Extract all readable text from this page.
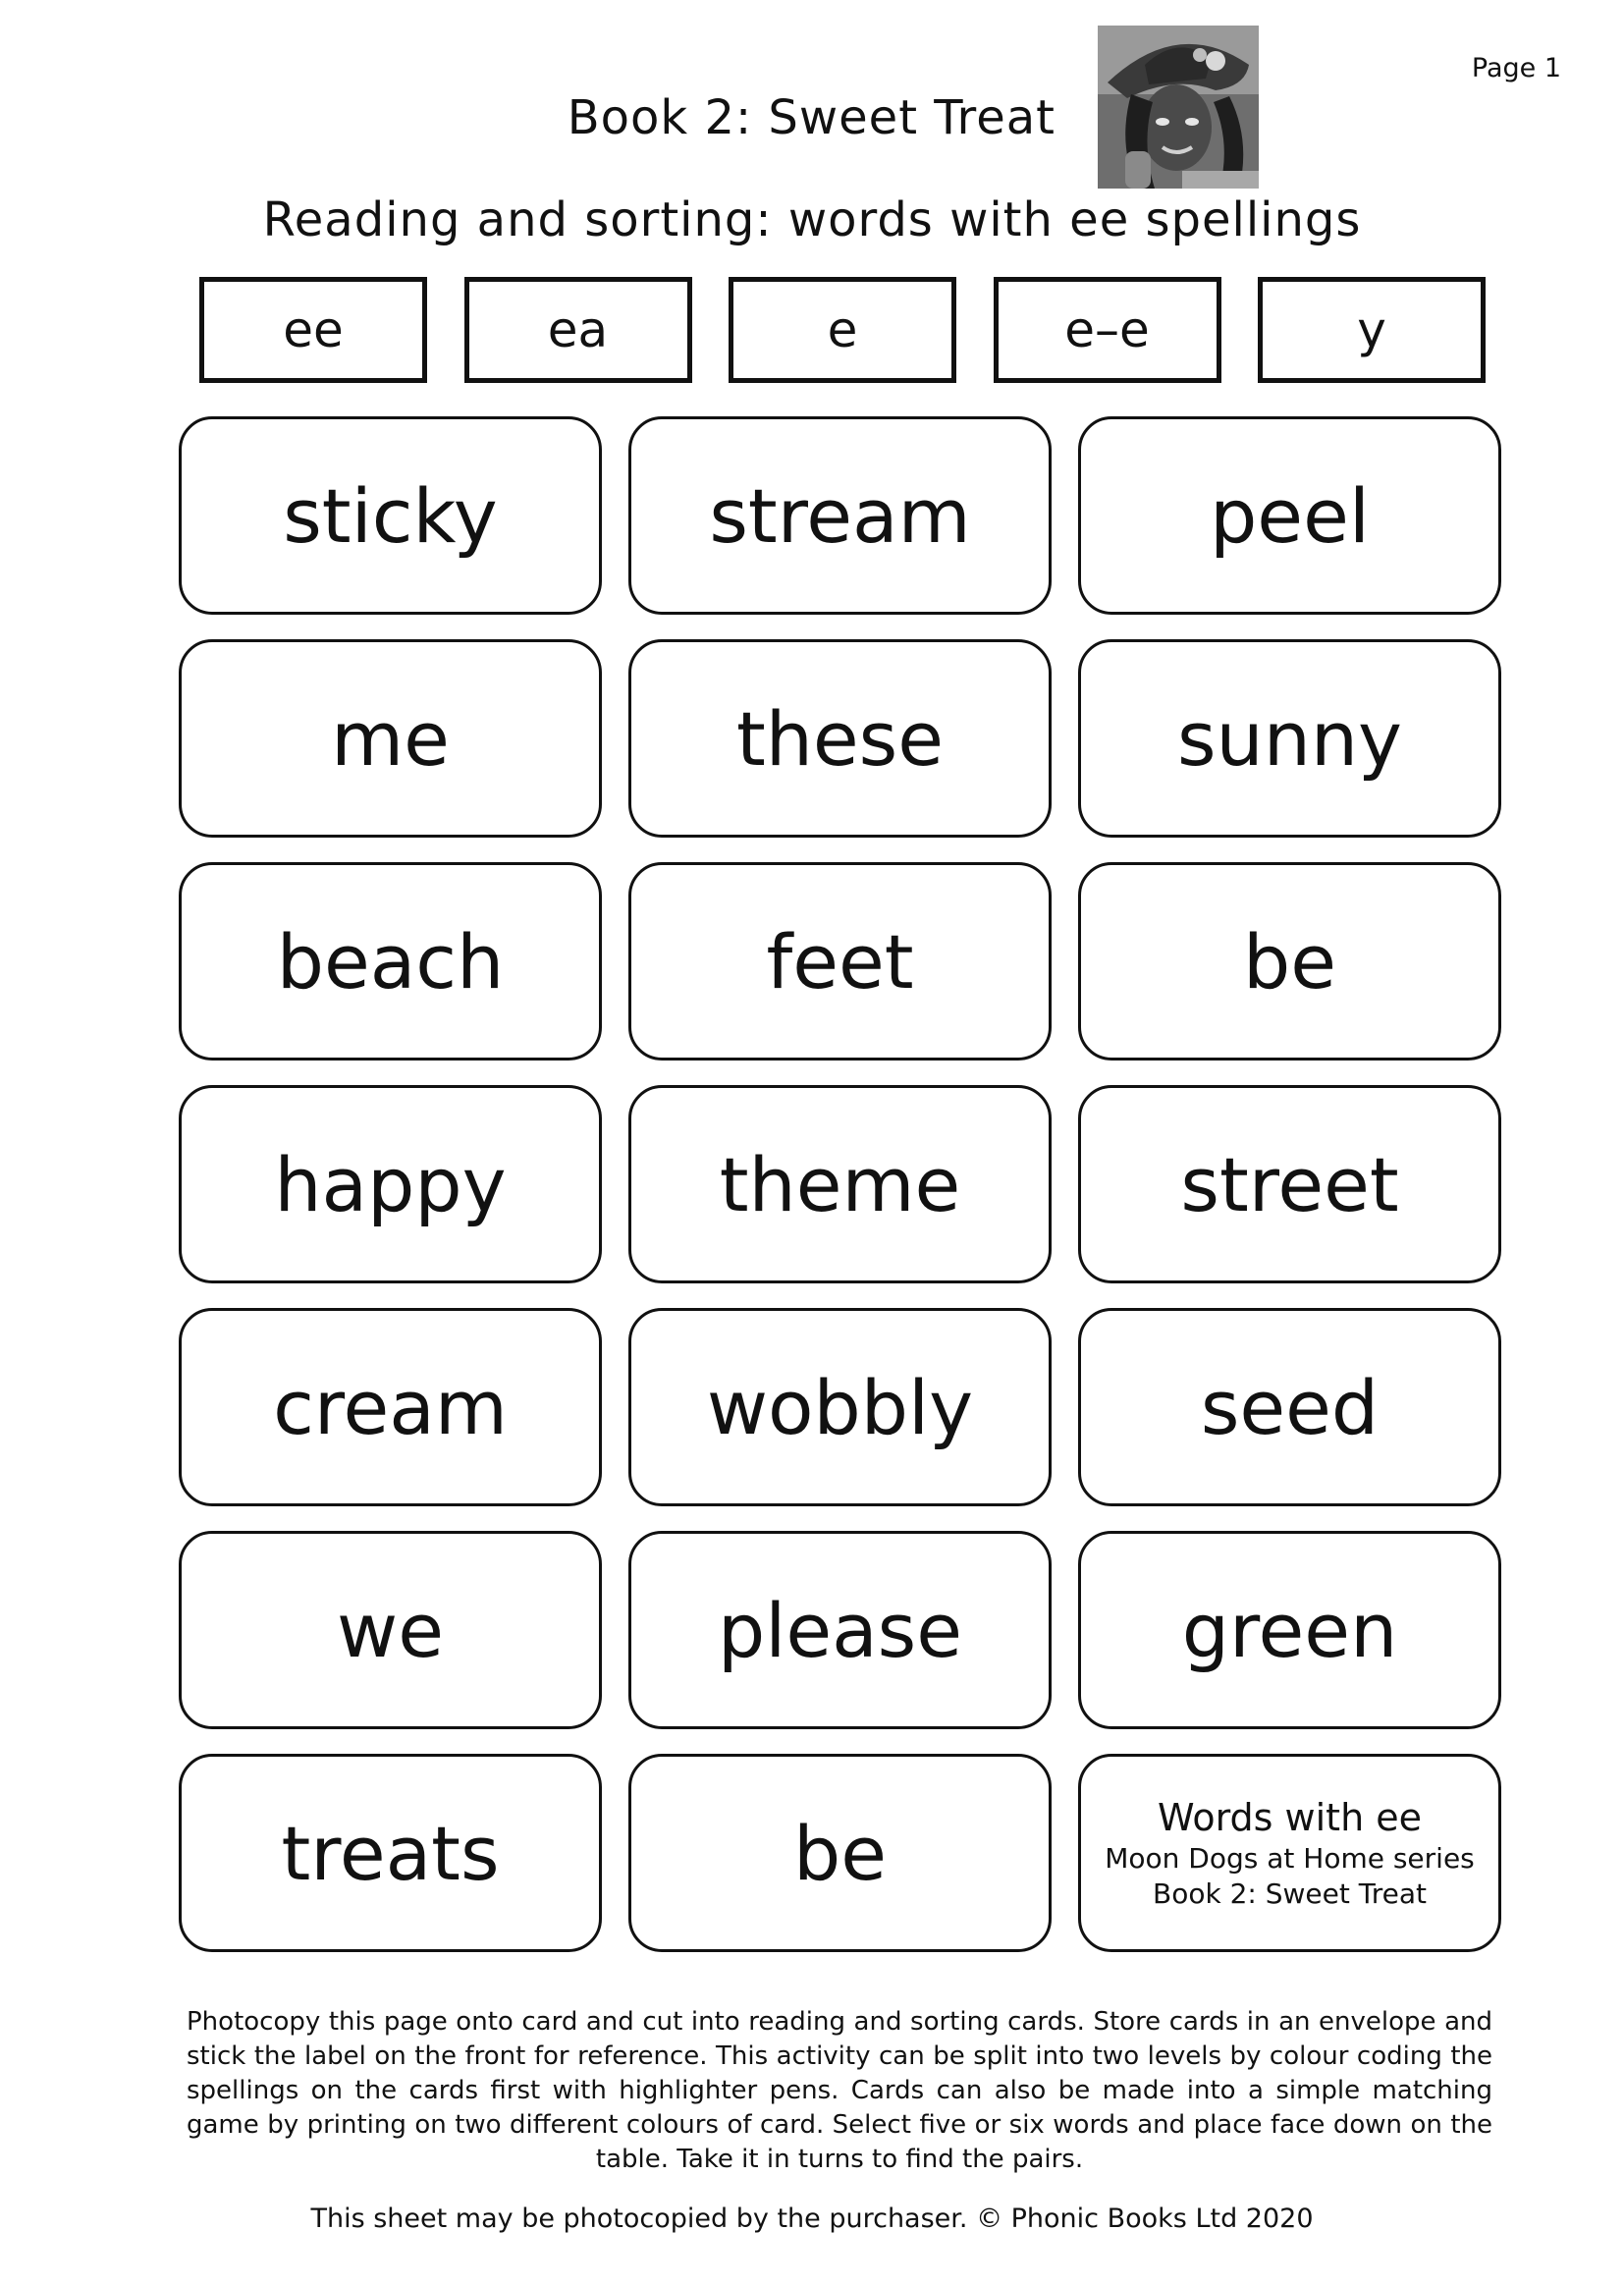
Page 1
Book 2: Sweet Treat
Reading and sorting: words with ee spellings
ee	ea	e	e–e	y
sticky	stream	peel
me	these	sunny
beach	feet	be
happy	theme	street
cream	wobbly	seed
we	please	green
treats	be	Words with ee
Moon Dogs at Home series
Book 2: Sweet Treat
Photocopy this page onto card and cut into reading and sorting cards. Store cards in an envelope and stick the label on the front for reference. This activity can be split into two levels by colour coding the spellings on the cards first with highlighter pens. Cards can also be made into a simple matching game by printing on two different colours of card. Select five or six words and place face down on the table. Take it in turns to find the pairs.
This sheet may be photocopied by the purchaser. © Phonic Books Ltd 2020
